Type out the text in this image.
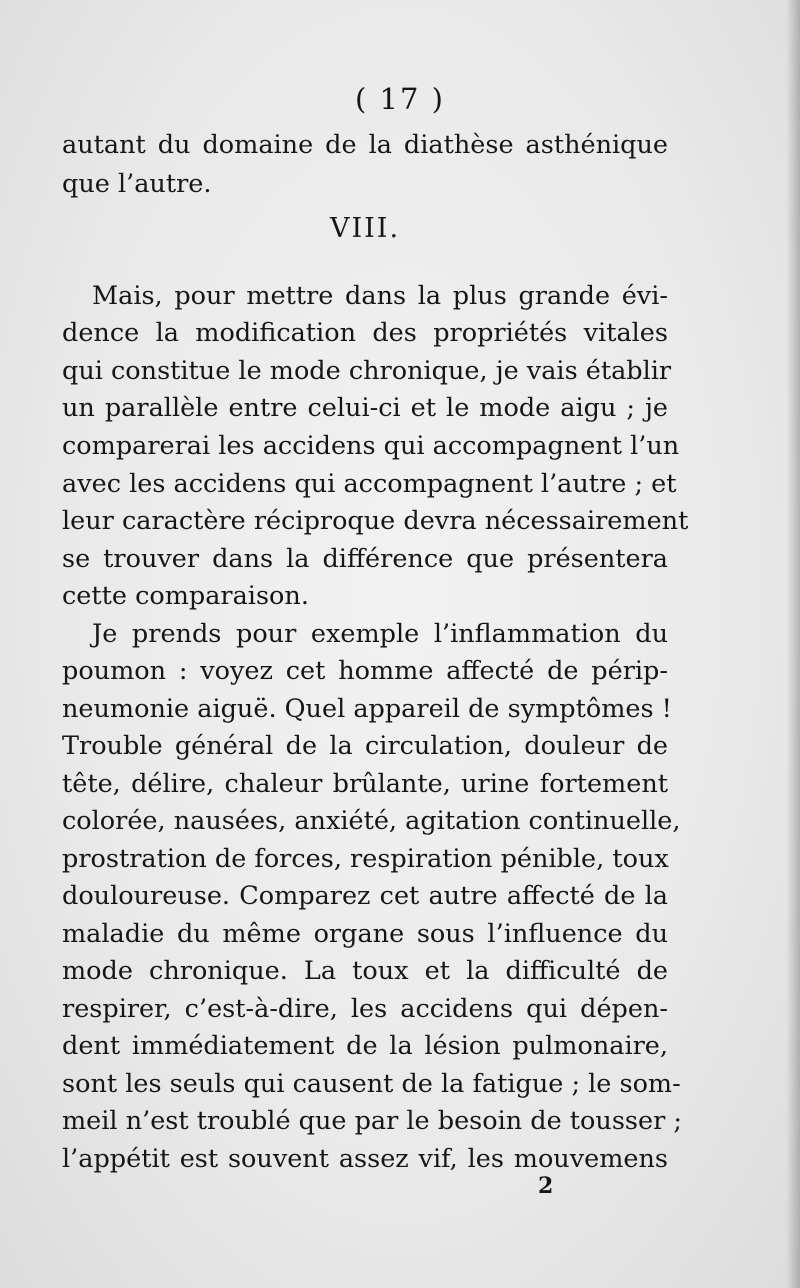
( 17 )
autant du domaine de la diathèse asthénique
que l’autre.
VIII.
Mais, pour mettre dans la plus grande évi-
dence la modification des propriétés vitales
qui constitue le mode chronique, je vais établir
un parallèle entre celui-ci et le mode aigu ; je
comparerai les accidens qui accompagnent l’un
avec les accidens qui accompagnent l’autre ; et
leur caractère réciproque devra nécessairement
se trouver dans la différence que présentera
cette comparaison.
Je prends pour exemple l’inflammation du
poumon : voyez cet homme affecté de périp-
neumonie aiguë. Quel appareil de symptômes !
Trouble général de la circulation, douleur de
tête, délire, chaleur brûlante, urine fortement
colorée, nausées, anxiété, agitation continuelle,
prostration de forces, respiration pénible, toux
douloureuse. Comparez cet autre affecté de la
maladie du même organe sous l’influence du
mode chronique. La toux et la difficulté de
respirer, c’est-à-dire, les accidens qui dépen-
dent immédiatement de la lésion pulmonaire,
sont les seuls qui causent de la fatigue ; le som-
meil n’est troublé que par le besoin de tousser ;
l’appétit est souvent assez vif, les mouvemens
2
